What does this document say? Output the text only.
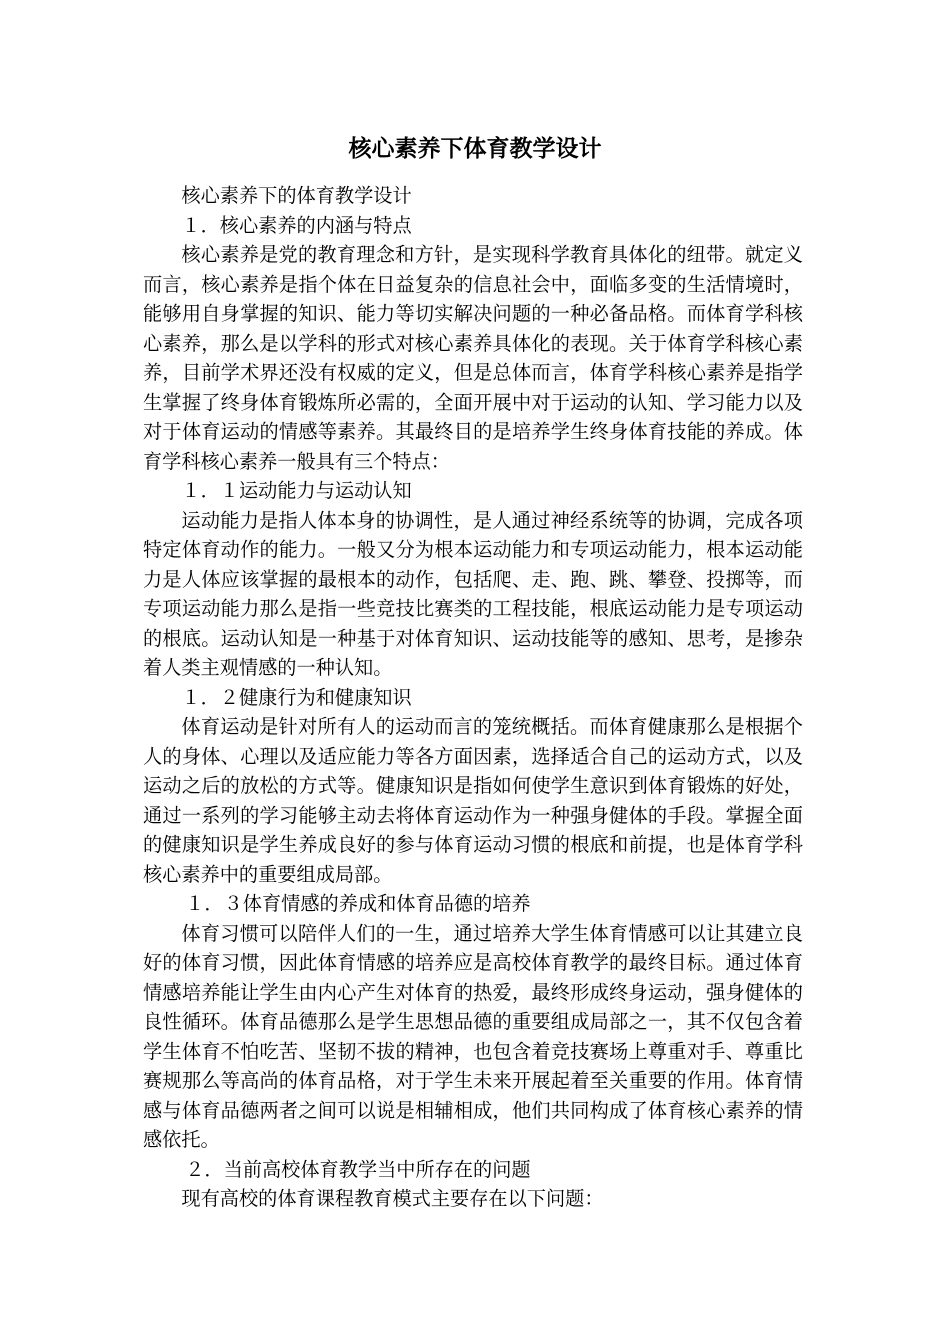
核心素养下体育教学设计

核心素养下的体育教学设计

１．核心素养的内涵与特点

核心素养是党的教育理念和方针，是实现科学教育具体化的纽带。就定义而言，核心素养是指个体在日益复杂的信息社会中，面临多变的生活情境时，能够用自身掌握的知识、能力等切实解决问题的一种必备品格。而体育学科核心素养，那么是以学科的形式对核心素养具体化的表现。关于体育学科核心素养，目前学术界还没有权威的定义，但是总体而言，体育学科核心素养是指学生掌握了终身体育锻炼所必需的，全面开展中对于运动的认知、学习能力以及对于体育运动的情感等素养。其最终目的是培养学生终身体育技能的养成。体育学科核心素养一般具有三个特点：

１．１运动能力与运动认知

运动能力是指人体本身的协调性，是人通过神经系统等的协调，完成各项特定体育动作的能力。一般又分为根本运动能力和专项运动能力，根本运动能力是人体应该掌握的最根本的动作，包括爬、走、跑、跳、攀登、投掷等，而专项运动能力那么是指一些竞技比赛类的工程技能，根底运动能力是专项运动的根底。运动认知是一种基于对体育知识、运动技能等的感知、思考，是掺杂着人类主观情感的一种认知。

１．２健康行为和健康知识

体育运动是针对所有人的运动而言的笼统概括。而体育健康那么是根据个人的身体、心理以及适应能力等各方面因素，选择适合自己的运动方式，以及运动之后的放松的方式等。健康知识是指如何使学生意识到体育锻炼的好处，通过一系列的学习能够主动去将体育运动作为一种强身健体的手段。掌握全面的健康知识是学生养成良好的参与体育运动习惯的根底和前提，也是体育学科核心素养中的重要组成局部。

１．３体育情感的养成和体育品德的培养

体育习惯可以陪伴人们的一生，通过培养大学生体育情感可以让其建立良好的体育习惯，因此体育情感的培养应是高校体育教学的最终目标。通过体育情感培养能让学生由内心产生对体育的热爱，最终形成终身运动，强身健体的良性循环。体育品德那么是学生思想品德的重要组成局部之一，其不仅包含着学生体育不怕吃苦、坚韧不拔的精神，也包含着竞技赛场上尊重对手、尊重比赛规那么等高尚的体育品格，对于学生未来开展起着至关重要的作用。体育情感与体育品德两者之间可以说是相辅相成，他们共同构成了体育核心素养的情感依托。

２．当前高校体育教学当中所存在的问题

现有高校的体育课程教育模式主要存在以下问题：
